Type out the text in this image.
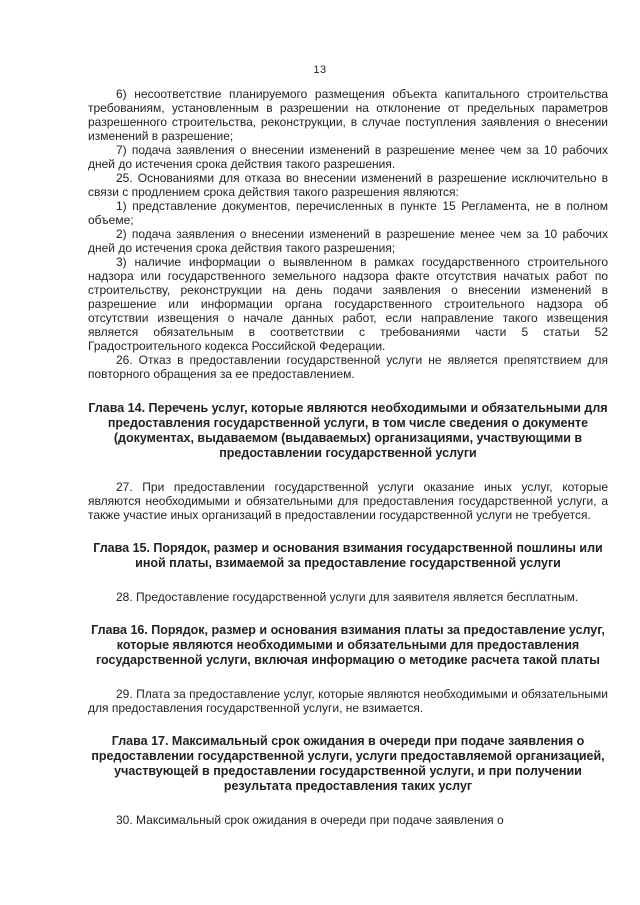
13

6) несоответствие планируемого размещения объекта капитального строительства требованиям, установленным в разрешении на отклонение от предельных параметров разрешенного строительства, реконструкции, в случае поступления заявления о внесении изменений в разрешение;

7) подача заявления о внесении изменений в разрешение менее чем за 10 рабочих дней до истечения срока действия такого разрешения.

25. Основаниями для отказа во внесении изменений в разрешение исключительно в связи с продлением срока действия такого разрешения являются:

1) представление документов, перечисленных в пункте 15 Регламента, не в полном объеме;

2) подача заявления о внесении изменений в разрешение менее чем за 10 рабочих дней до истечения срока действия такого разрешения;

3) наличие информации о выявленном в рамках государственного строительного надзора или государственного земельного надзора факте отсутствия начатых работ по строительству, реконструкции на день подачи заявления о внесении изменений в разрешение или информации органа государственного строительного надзора об отсутствии извещения о начале данных работ, если направление такого извещения является обязательным в соответствии с требованиями части 5 статьи 52 Градостроительного кодекса Российской Федерации.

26. Отказ в предоставлении государственной услуги не является препятствием для повторного обращения за ее предоставлением.

Глава 14. Перечень услуг, которые являются необходимыми и обязательными для предоставления государственной услуги, в том числе сведения о документе (документах, выдаваемом (выдаваемых) организациями, участвующими в предоставлении государственной услуги

27. При предоставлении государственной услуги оказание иных услуг, которые являются необходимыми и обязательными для предоставления государственной услуги, а также участие иных организаций в предоставлении государственной услуги не требуется.

Глава 15. Порядок, размер и основания взимания государственной пошлины или иной платы, взимаемой за предоставление государственной услуги

28. Предоставление государственной услуги для заявителя является бесплатным.

Глава 16. Порядок, размер и основания взимания платы за предоставление услуг, которые являются необходимыми и обязательными для предоставления государственной услуги, включая информацию о методике расчета такой платы

29. Плата за предоставление услуг, которые являются необходимыми и обязательными для предоставления государственной услуги, не взимается.

Глава 17. Максимальный срок ожидания в очереди при подаче заявления о предоставлении государственной услуги, услуги предоставляемой организацией, участвующей в предоставлении государственной услуги, и при получении результата предоставления таких услуг

30. Максимальный срок ожидания в очереди при подаче заявления о
